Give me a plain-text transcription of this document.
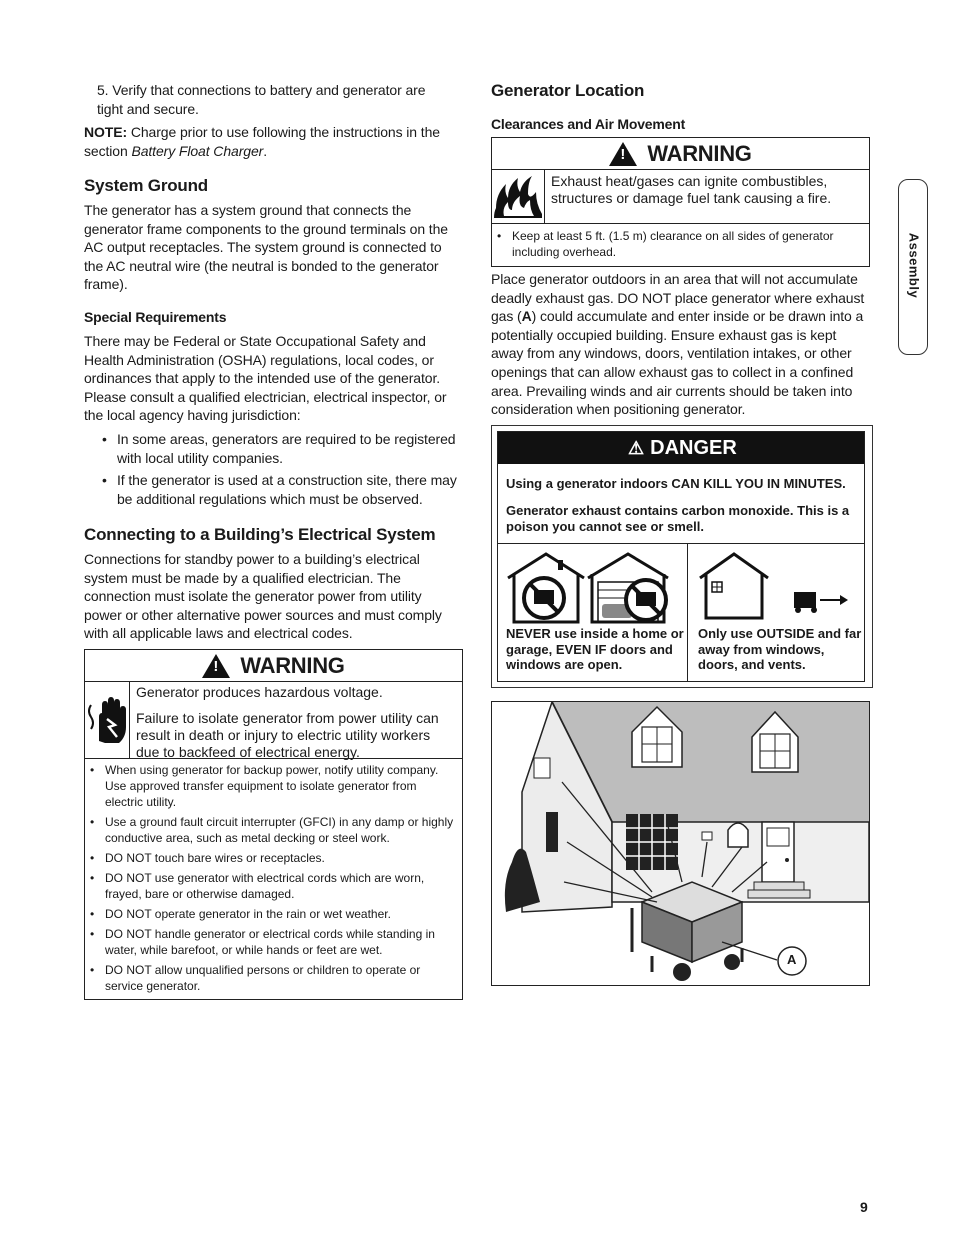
5. Verify that connections to battery and generator are tight and secure.

NOTE: Charge prior to use following the instructions in the section Battery Float Charger.
System Ground

The generator has a system ground that connects the generator frame components to the ground terminals on the AC output receptacles. The system ground is connected to the AC neutral wire (the neutral is bonded to the generator frame).

Special Requirements

There may be Federal or State Occupational Safety and Health Administration (OSHA) regulations, local codes, or ordinances that apply to the intended use of the generator. Please consult a qualified electrician, electrical inspector, or the local agency having jurisdiction:

• In some areas, generators are required to be registered with local utility companies.
• If the generator is used at a construction site, there may be additional regulations which must be observed.
Connecting to a Building’s Electrical System

Connections for standby power to a building’s electrical system must be made by a qualified electrician. The connection must isolate the generator power from utility power or other alternative power sources and must comply with all applicable laws and electrical codes.

! WARNING

Generator produces hazardous voltage.

Failure to isolate generator from power utility can result in death or injury to electric utility workers due to backfeed of electrical energy.

• When using generator for backup power, notify utility company. Use approved transfer equipment to isolate generator from electric utility.
• Use a ground fault circuit interrupter (GFCI) in any damp or highly conductive area, such as metal decking or steel work.
• DO NOT touch bare wires or receptacles.
• DO NOT use generator with electrical cords which are worn, frayed, bare or otherwise damaged.
• DO NOT operate generator in the rain or wet weather.
• DO NOT handle generator or electrical cords while standing in water, while barefoot, or while hands or feet are wet.
• DO NOT allow unqualified persons or children to operate or service generator.
Generator Location
Clearances and Air Movement
! WARNING

Exhaust heat/gases can ignite combustibles, structures or damage fuel tank causing a fire.

• Keep at least 5 ft. (1.5 m) clearance on all sides of generator including overhead.

Place generator outdoors in an area that will not accumulate deadly exhaust gas. DO NOT place generator where exhaust gas (A) could accumulate and enter inside or be drawn into a potentially occupied building. Ensure exhaust gas is kept away from any windows, doors, ventilation intakes, or other openings that can allow exhaust gas to collect in a confined area. Prevailing winds and air currents should be taken into consideration when positioning generator.

⚠ DANGER

Using a generator indoors CAN KILL YOU IN MINUTES.

Generator exhaust contains carbon monoxide. This is a poison you cannot see or smell.

NEVER use inside a home or garage, EVEN IF doors and windows are open.

Only use OUTSIDE and far away from windows, doors, and vents.

A
Assembly
9
